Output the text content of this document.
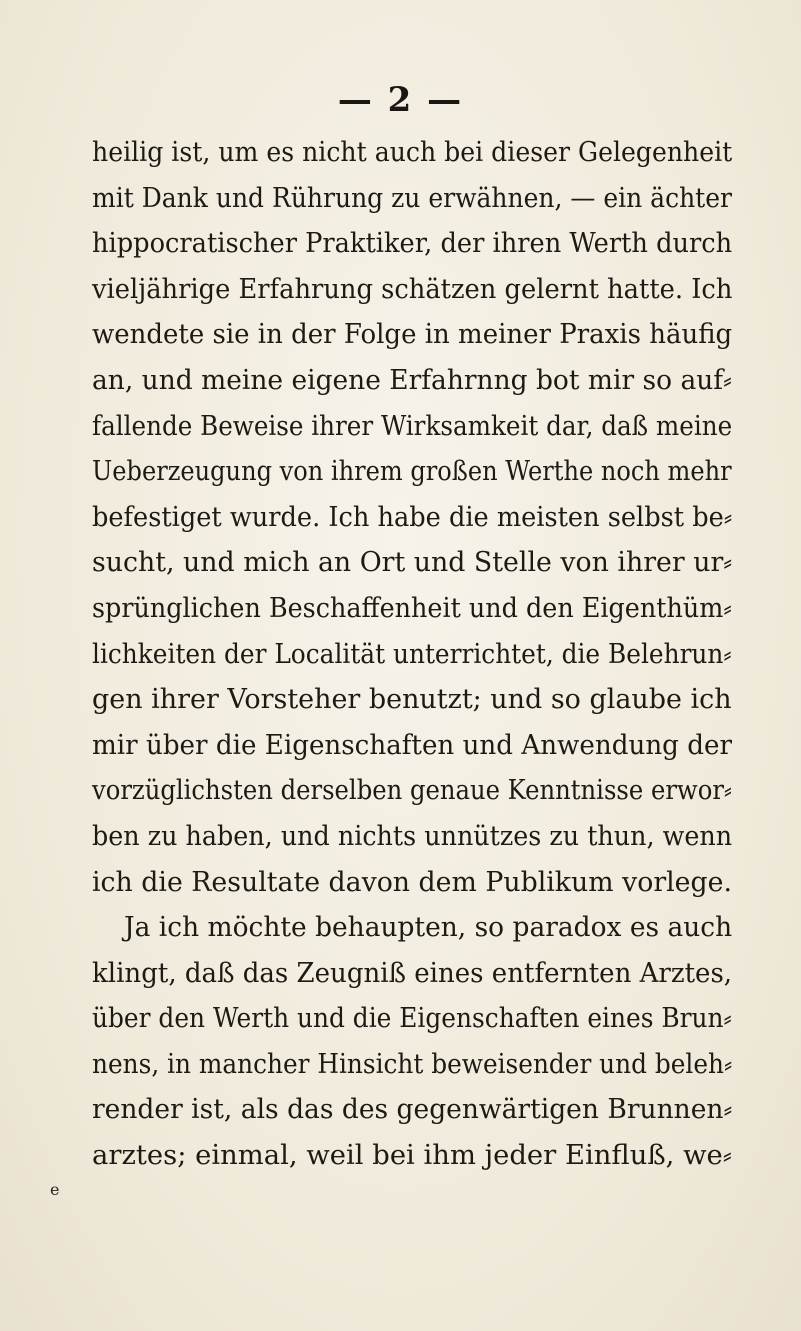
— 2 —
heilig ist, um es nicht auch bei dieser Gelegenheit
mit Dank und Rührung zu erwähnen, — ein ächter
hippocratischer Praktiker, der ihren Werth durch
vieljährige Erfahrung schätzen gelernt hatte. Ich
wendete sie in der Folge in meiner Praxis häufig
an, und meine eigene Erfahrnng bot mir so auf⸗
fallende Beweise ihrer Wirksamkeit dar, daß meine
Ueberzeugung von ihrem großen Werthe noch mehr
befestiget wurde. Ich habe die meisten selbst be⸗
sucht, und mich an Ort und Stelle von ihrer ur⸗
sprünglichen Beschaffenheit und den Eigenthüm⸗
lichkeiten der Localität unterrichtet, die Belehrun⸗
gen ihrer Vorsteher benutzt; und so glaube ich
mir über die Eigenschaften und Anwendung der
vorzüglichsten derselben genaue Kenntnisse erwor⸗
ben zu haben, und nichts unnützes zu thun, wenn
ich die Resultate davon dem Publikum vorlege.
Ja ich möchte behaupten, so paradox es auch
klingt, daß das Zeugniß eines entfernten Arztes,
über den Werth und die Eigenschaften eines Brun⸗
nens, in mancher Hinsicht beweisender und beleh⸗
render ist, als das des gegenwärtigen Brunnen⸗
arztes; einmal, weil bei ihm jeder Einfluß, we⸗
e
